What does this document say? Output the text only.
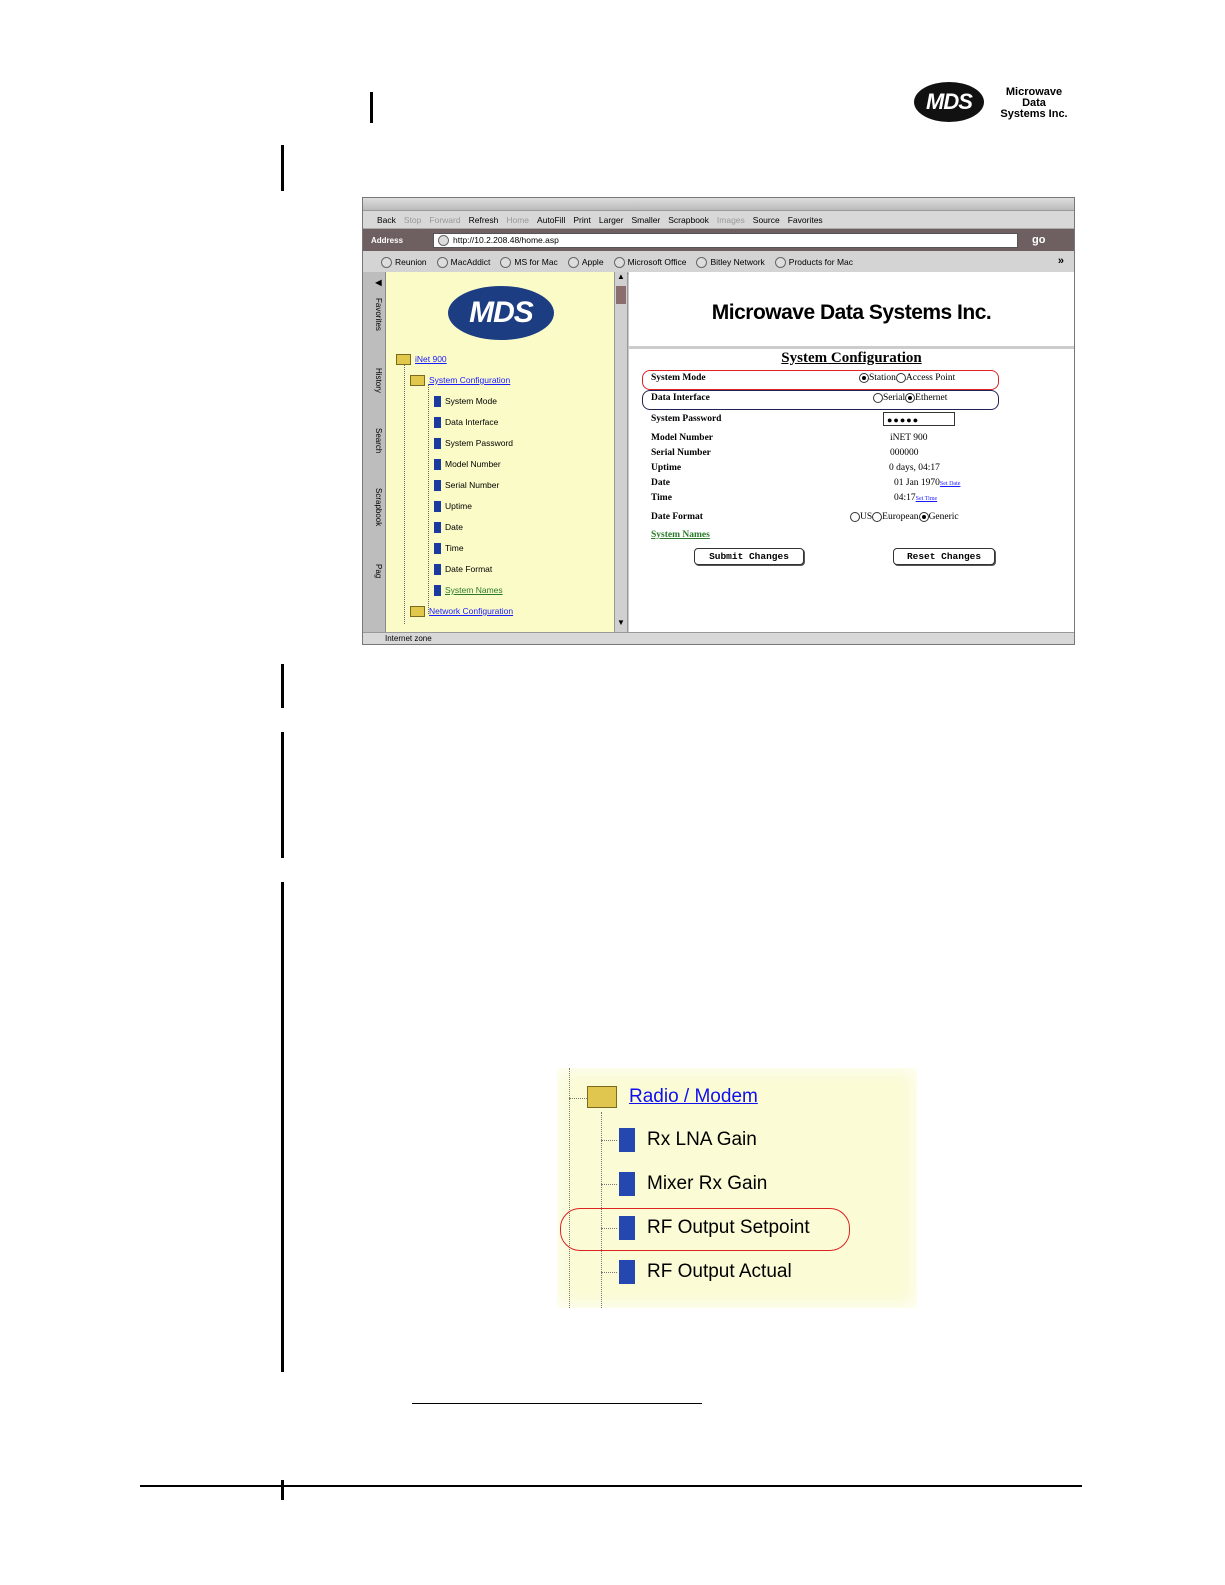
MDS	Microwave
Data
Systems Inc.
Back Stop Forward Refresh Home AutoFill Print Larger Smaller Scrapbook Images Source Favorites
Address	http://10.2.208.48/home.asp	go
Reunion	MacAddict	MS for Mac	Apple	Microsoft Office	Bitley Network	Products for Mac	»
◀
Favorites
History
Search
Scrapbook
Pag
MDS
iNet 900
System Configuration
System Mode
Data Interface
System Password
Model Number
Serial Number
Uptime
Date
Time
Date Format
System Names
Network Configuration
▲
▼
Microwave Data Systems Inc.
System Configuration
System Mode	Station Access Point
Data Interface	Serial Ethernet
System Password	●●●●●
Model Number	iNET 900
Serial Number	000000
Uptime	0 days, 04:17
Date	01 Jan 1970Set Date
Time	04:17Set Time
Date Format	US European Generic
System Names
Submit Changes	Reset Changes
Internet zone
Radio / Modem
Rx LNA Gain
Mixer Rx Gain
RF Output Setpoint
RF Output Actual
